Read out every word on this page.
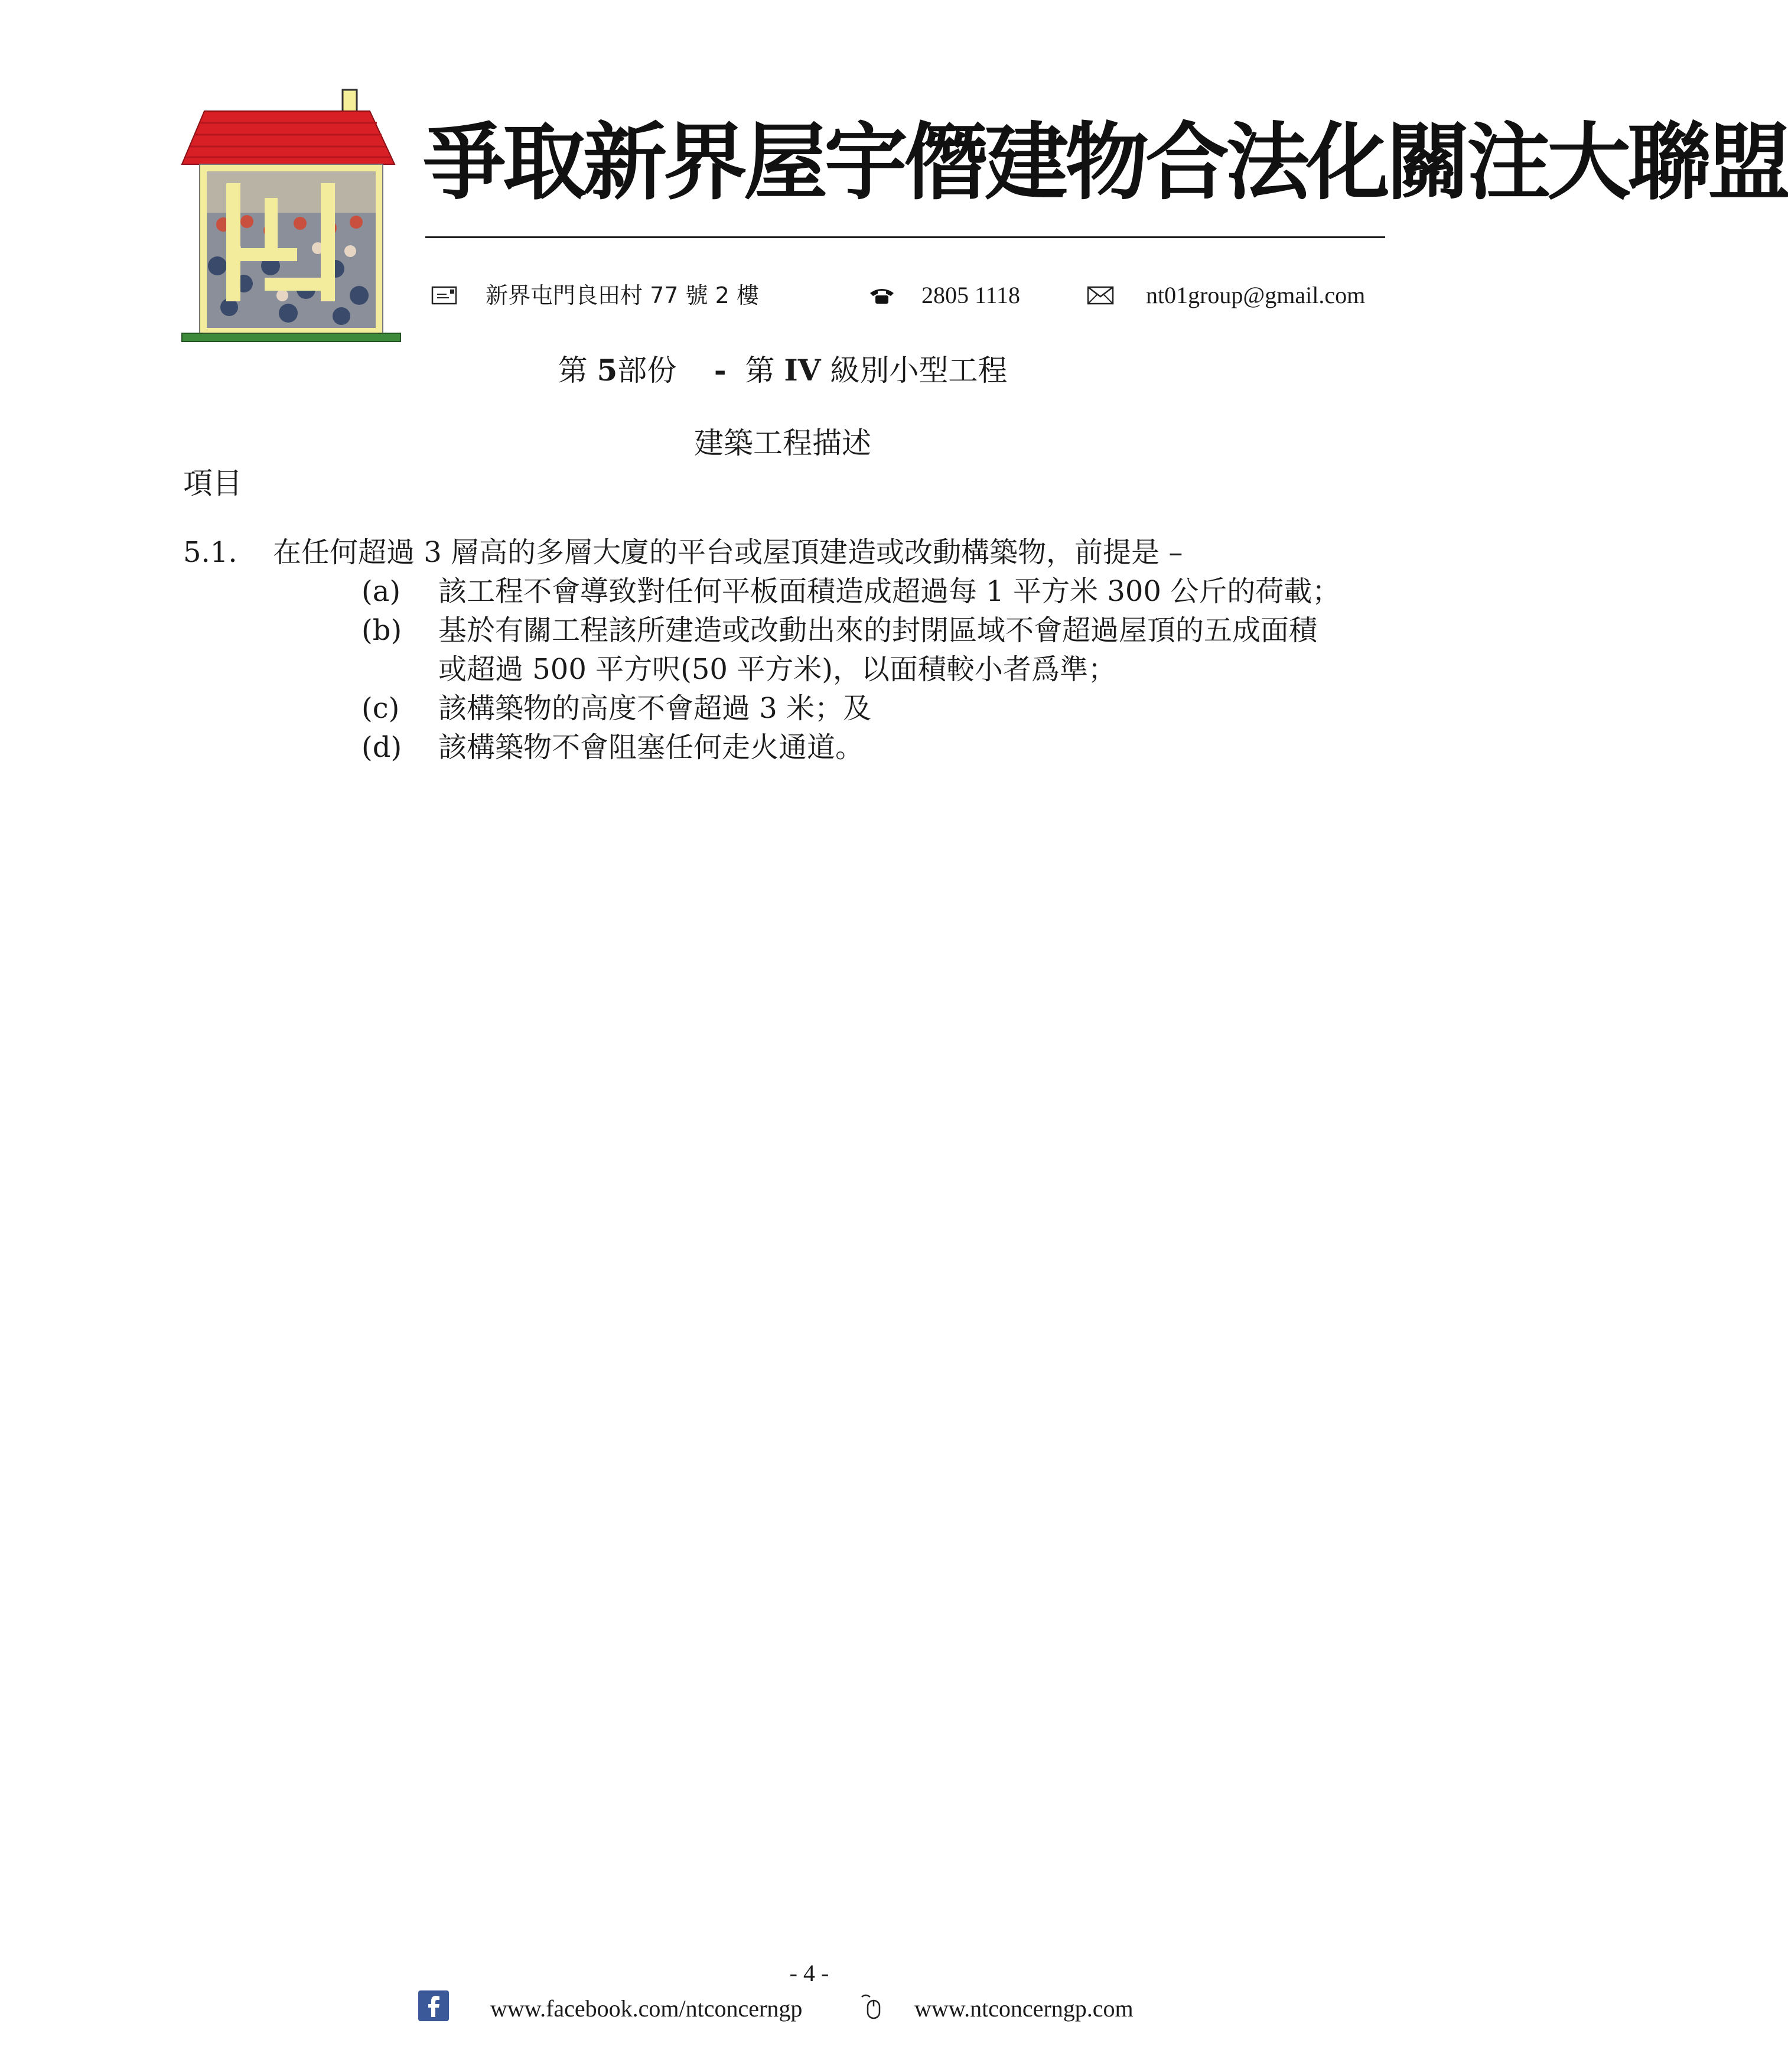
爭取新界屋宇僭建物合法化關注大聯盟
新界屯門良田村 77 號 2 樓	2805 1118	nt01group@gmail.com
第 5部份 - 第 IV 級別小型工程
建築工程描述
項目
5.1. 在任何超過 3 層高的多層大廈的平台或屋頂建造或改動構築物，前提是 –
(a) 該工程不會導致對任何平板面積造成超過每 1 平方米 300 公斤的荷載；
(b) 基於有關工程該所建造或改動出來的封閉區域不會超過屋頂的五成面積
或超過 500 平方呎(50 平方米)，以面積較小者爲準；
(c) 該構築物的高度不會超過 3 米；及
(d) 該構築物不會阻塞任何走火通道。
- 4 -
www.facebook.com/ntconcerngp	www.ntconcerngp.com
